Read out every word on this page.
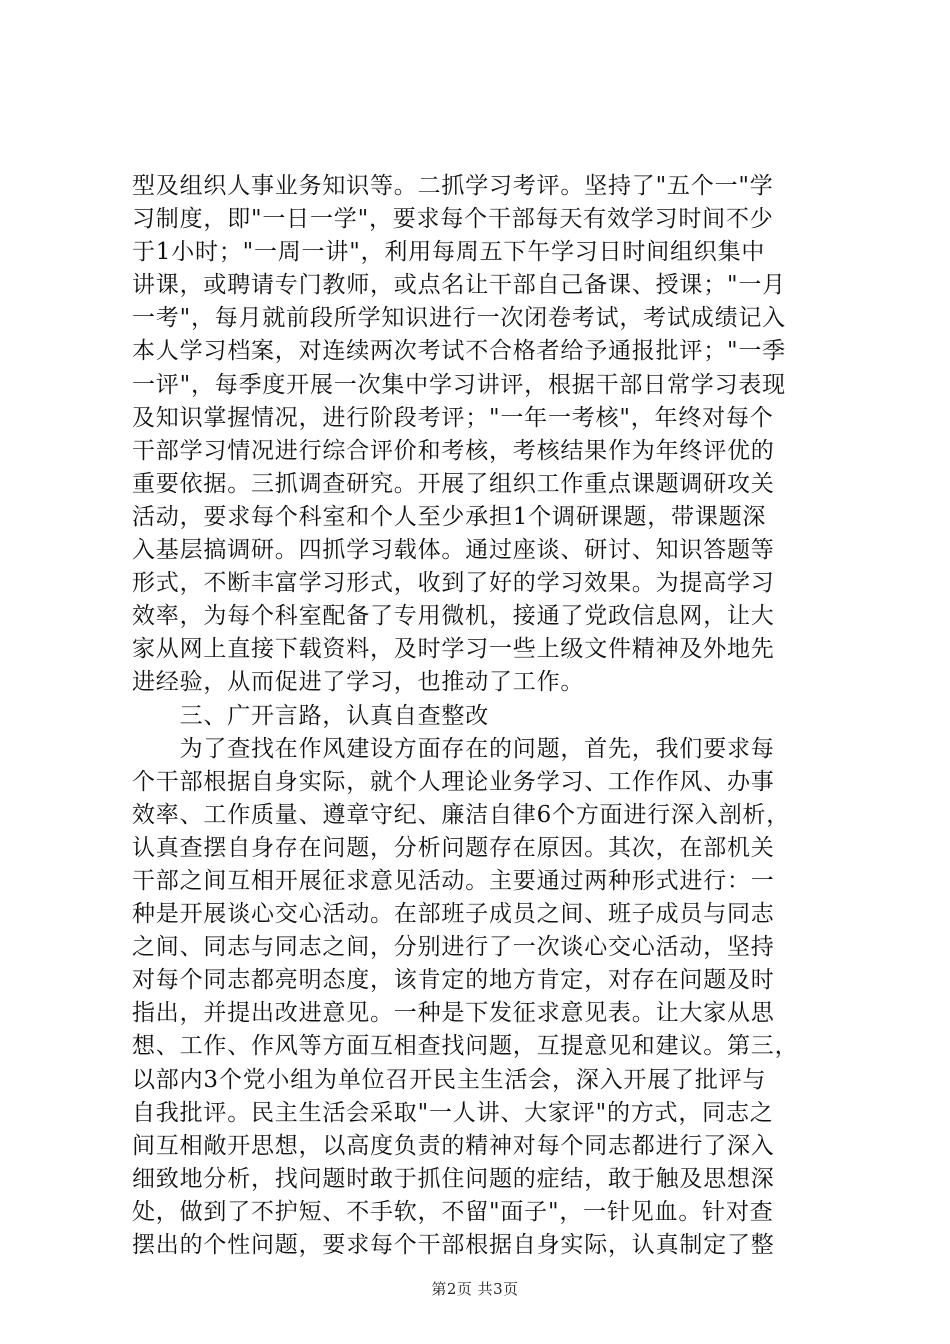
型及组织人事业务知识等。二抓学习考评。坚持了"五个一"学
习制度，即"一日一学"，要求每个干部每天有效学习时间不少
于1小时；"一周一讲"，利用每周五下午学习日时间组织集中
讲课，或聘请专门教师，或点名让干部自己备课、授课；"一月
一考"，每月就前段所学知识进行一次闭卷考试，考试成绩记入
本人学习档案，对连续两次考试不合格者给予通报批评；"一季
一评"，每季度开展一次集中学习讲评，根据干部日常学习表现
及知识掌握情况，进行阶段考评；"一年一考核"，年终对每个
干部学习情况进行综合评价和考核，考核结果作为年终评优的
重要依据。三抓调查研究。开展了组织工作重点课题调研攻关
活动，要求每个科室和个人至少承担1个调研课题，带课题深
入基层搞调研。四抓学习载体。通过座谈、研讨、知识答题等
形式，不断丰富学习形式，收到了好的学习效果。为提高学习
效率，为每个科室配备了专用微机，接通了党政信息网，让大
家从网上直接下载资料，及时学习一些上级文件精神及外地先
进经验，从而促进了学习，也推动了工作。
　　三、广开言路，认真自查整改
　　为了查找在作风建设方面存在的问题，首先，我们要求每
个干部根据自身实际，就个人理论业务学习、工作作风、办事
效率、工作质量、遵章守纪、廉洁自律6个方面进行深入剖析，
认真查摆自身存在问题，分析问题存在原因。其次，在部机关
干部之间互相开展征求意见活动。主要通过两种形式进行：一
种是开展谈心交心活动。在部班子成员之间、班子成员与同志
之间、同志与同志之间，分别进行了一次谈心交心活动，坚持
对每个同志都亮明态度，该肯定的地方肯定，对存在问题及时
指出，并提出改进意见。一种是下发征求意见表。让大家从思
想、工作、作风等方面互相查找问题，互提意见和建议。第三，
以部内3个党小组为单位召开民主生活会，深入开展了批评与
自我批评。民主生活会采取"一人讲、大家评"的方式，同志之
间互相敞开思想，以高度负责的精神对每个同志都进行了深入
细致地分析，找问题时敢于抓住问题的症结，敢于触及思想深
处，做到了不护短、不手软，不留"面子"，一针见血。针对查
摆出的个性问题，要求每个干部根据自身实际，认真制定了整
第2页 共3页
